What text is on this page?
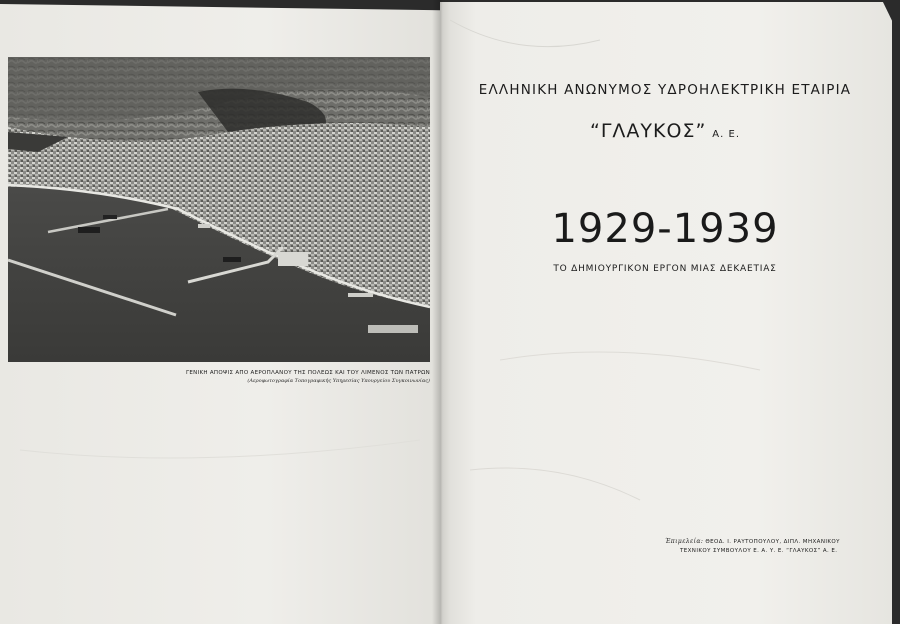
ΓΕΝΙΚΗ ΑΠΟΨΙΣ ΑΠΟ ΑΕΡΟΠΛΑΝΟΥ ΤΗΣ ΠΟΛΕΩΣ ΚΑΙ ΤΟΥ ΛΙΜΕΝΟΣ ΤΩΝ ΠΑΤΡΩΝ
(Αεροφωτογραφία Τοπογραφικής Υπηρεσίας Υπουργείου Συγκοινωνίας)
ΕΛΛΗΝΙΚΗ ΑΝΩΝΥΜΟΣ ΥΔΡΟΗΛΕΚΤΡΙΚΗ ΕΤΑΙΡΙΑ
“ΓΛΑΥΚΟΣ” Α. Ε.
1929-1939
ΤΟ ΔΗΜΙΟΥΡΓΙΚΟΝ ΕΡΓΟΝ ΜΙΑΣ ΔΕΚΑΕΤΙΑΣ
Έπιμελεία: ΘΕΟΔ. Ι. ΡΑΥΤΟΠΟΥΛΟΥ, ΔΙΠΛ. ΜΗΧΑΝΙΚΟΥ
ΤΕΧΝΙΚΟΥ ΣΥΜΒΟΥΛΟΥ Ε. Α. Υ. Ε. “ΓΛΑΥΚΟΣ” Α. Ε.
